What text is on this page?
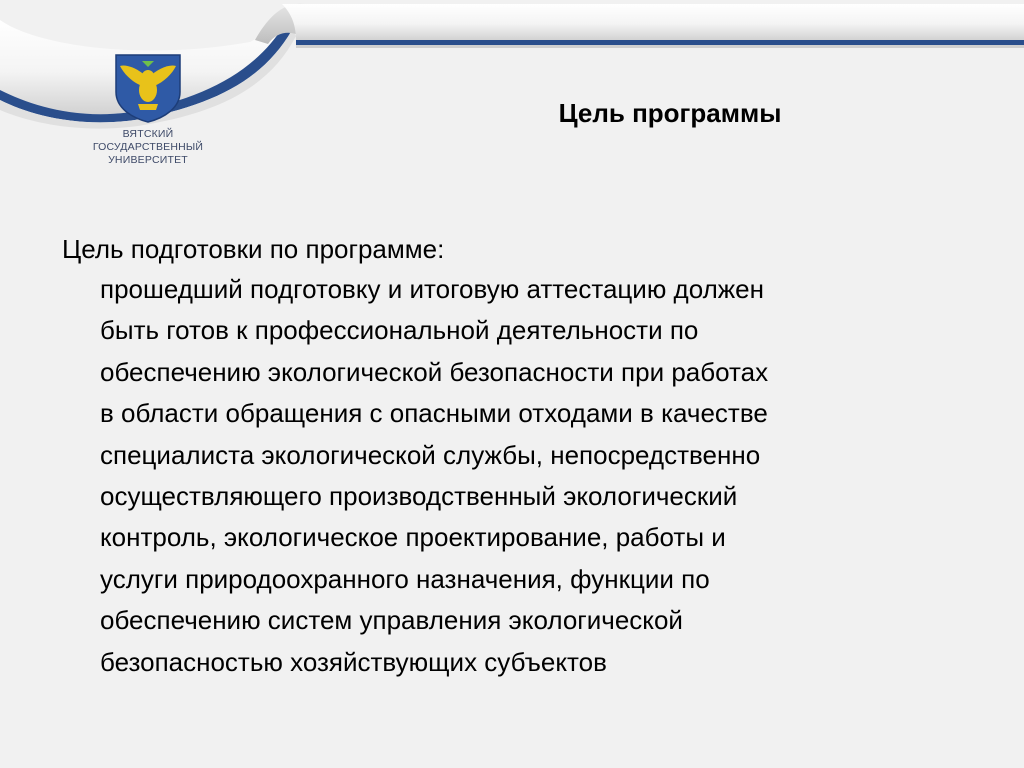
ВЯТСКИЙ
ГОСУДАРСТВЕННЫЙ
УНИВЕРСИТЕТ
Цель программы
Цель подготовки по программе:

прошедший подготовку и итоговую аттестацию должен
быть готов к профессиональной деятельности по
обеспечению экологической безопасности при работах
в области обращения с опасными отходами в качестве
специалиста экологической службы, непосредственно
осуществляющего производственный экологический
контроль, экологическое проектирование, работы и
услуги природоохранного назначения, функции по
обеспечению систем управления экологической
безопасностью хозяйствующих субъектов
